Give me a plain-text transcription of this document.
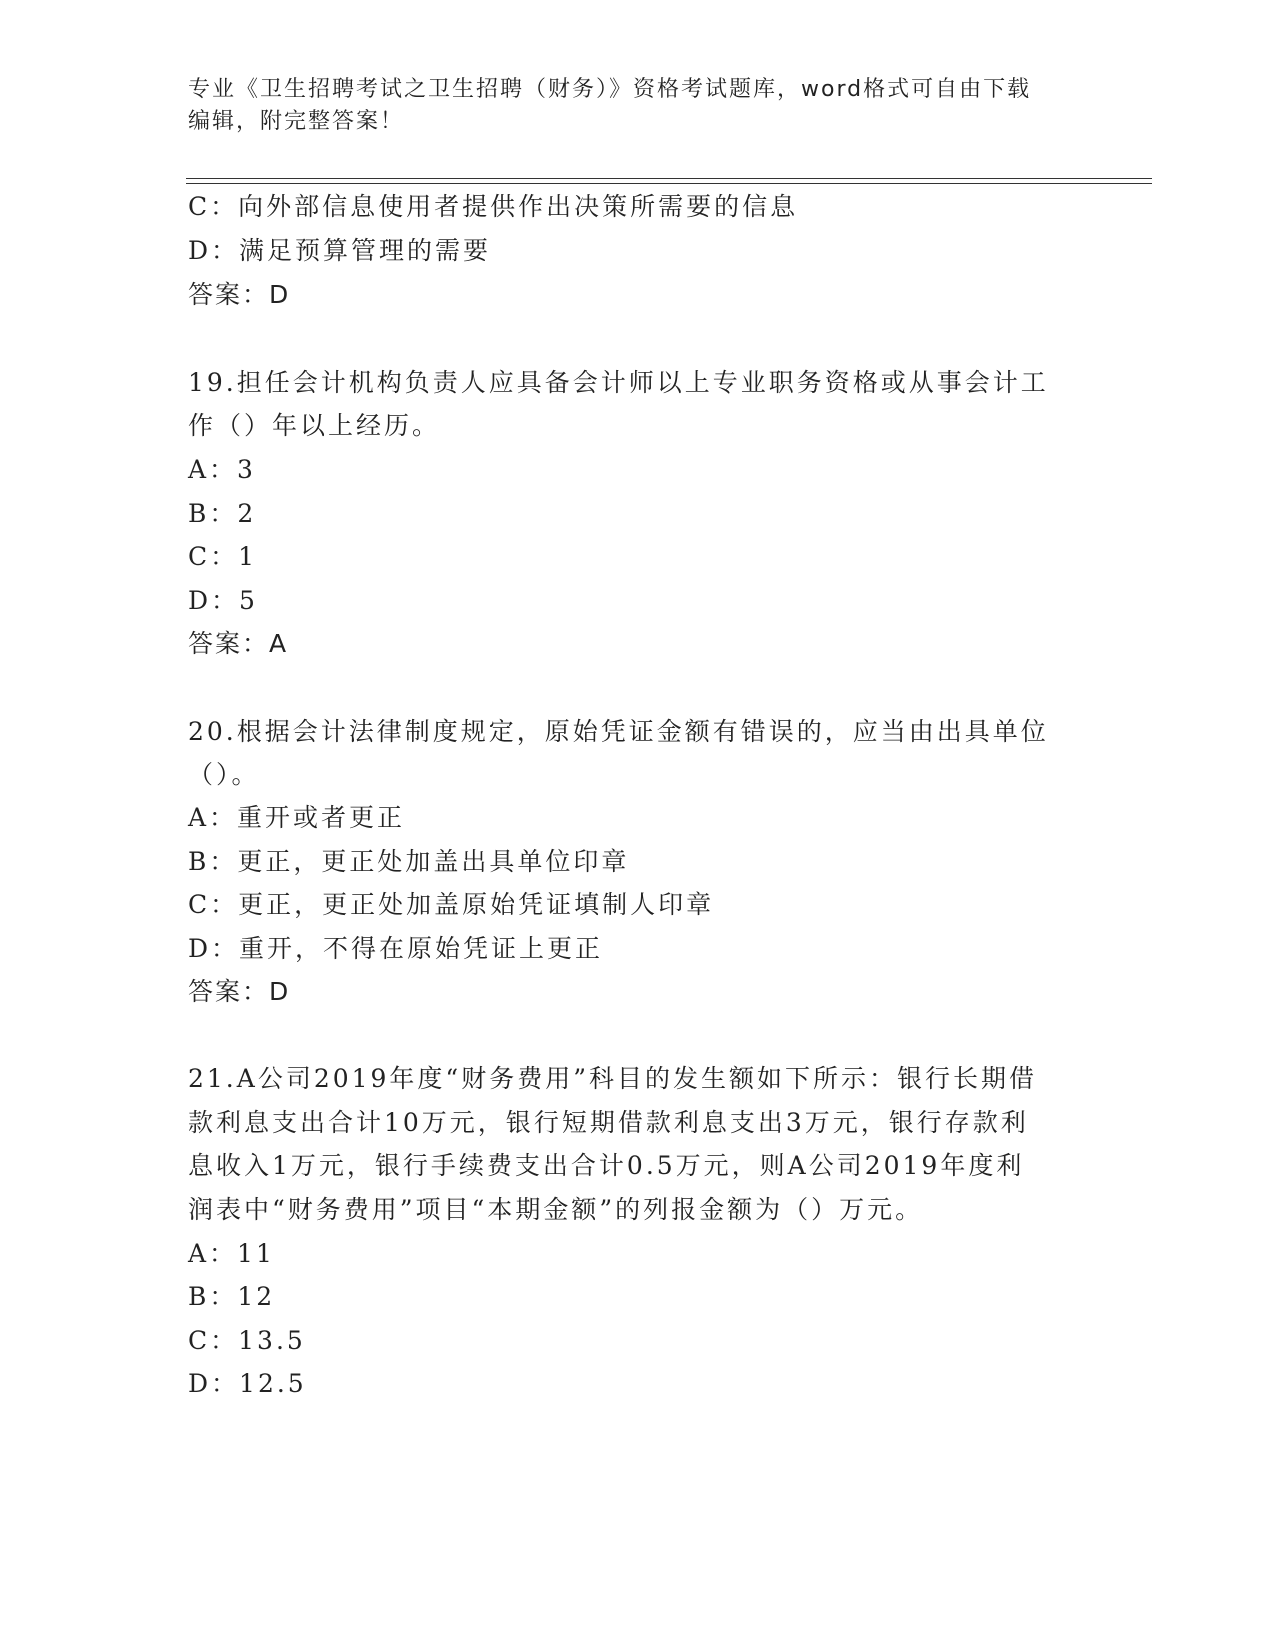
专业《卫生招聘考试之卫生招聘（财务）》资格考试题库，word格式可自由下载
编辑，附完整答案！
C：向外部信息使用者提供作出决策所需要的信息
D：满足预算管理的需要
答案：D
19.担任会计机构负责人应具备会计师以上专业职务资格或从事会计工
作（）年以上经历。
A：3
B：2
C：1
D：5
答案：A
20.根据会计法律制度规定，原始凭证金额有错误的，应当由出具单位
（）。
A：重开或者更正
B：更正，更正处加盖出具单位印章
C：更正，更正处加盖原始凭证填制人印章
D：重开，不得在原始凭证上更正
答案：D
21.A公司2019年度“财务费用”科目的发生额如下所示：银行长期借
款利息支出合计10万元，银行短期借款利息支出3万元，银行存款利
息收入1万元，银行手续费支出合计0.5万元，则A公司2019年度利
润表中“财务费用”项目“本期金额”的列报金额为（）万元。
A：11
B：12
C：13.5
D：12.5
